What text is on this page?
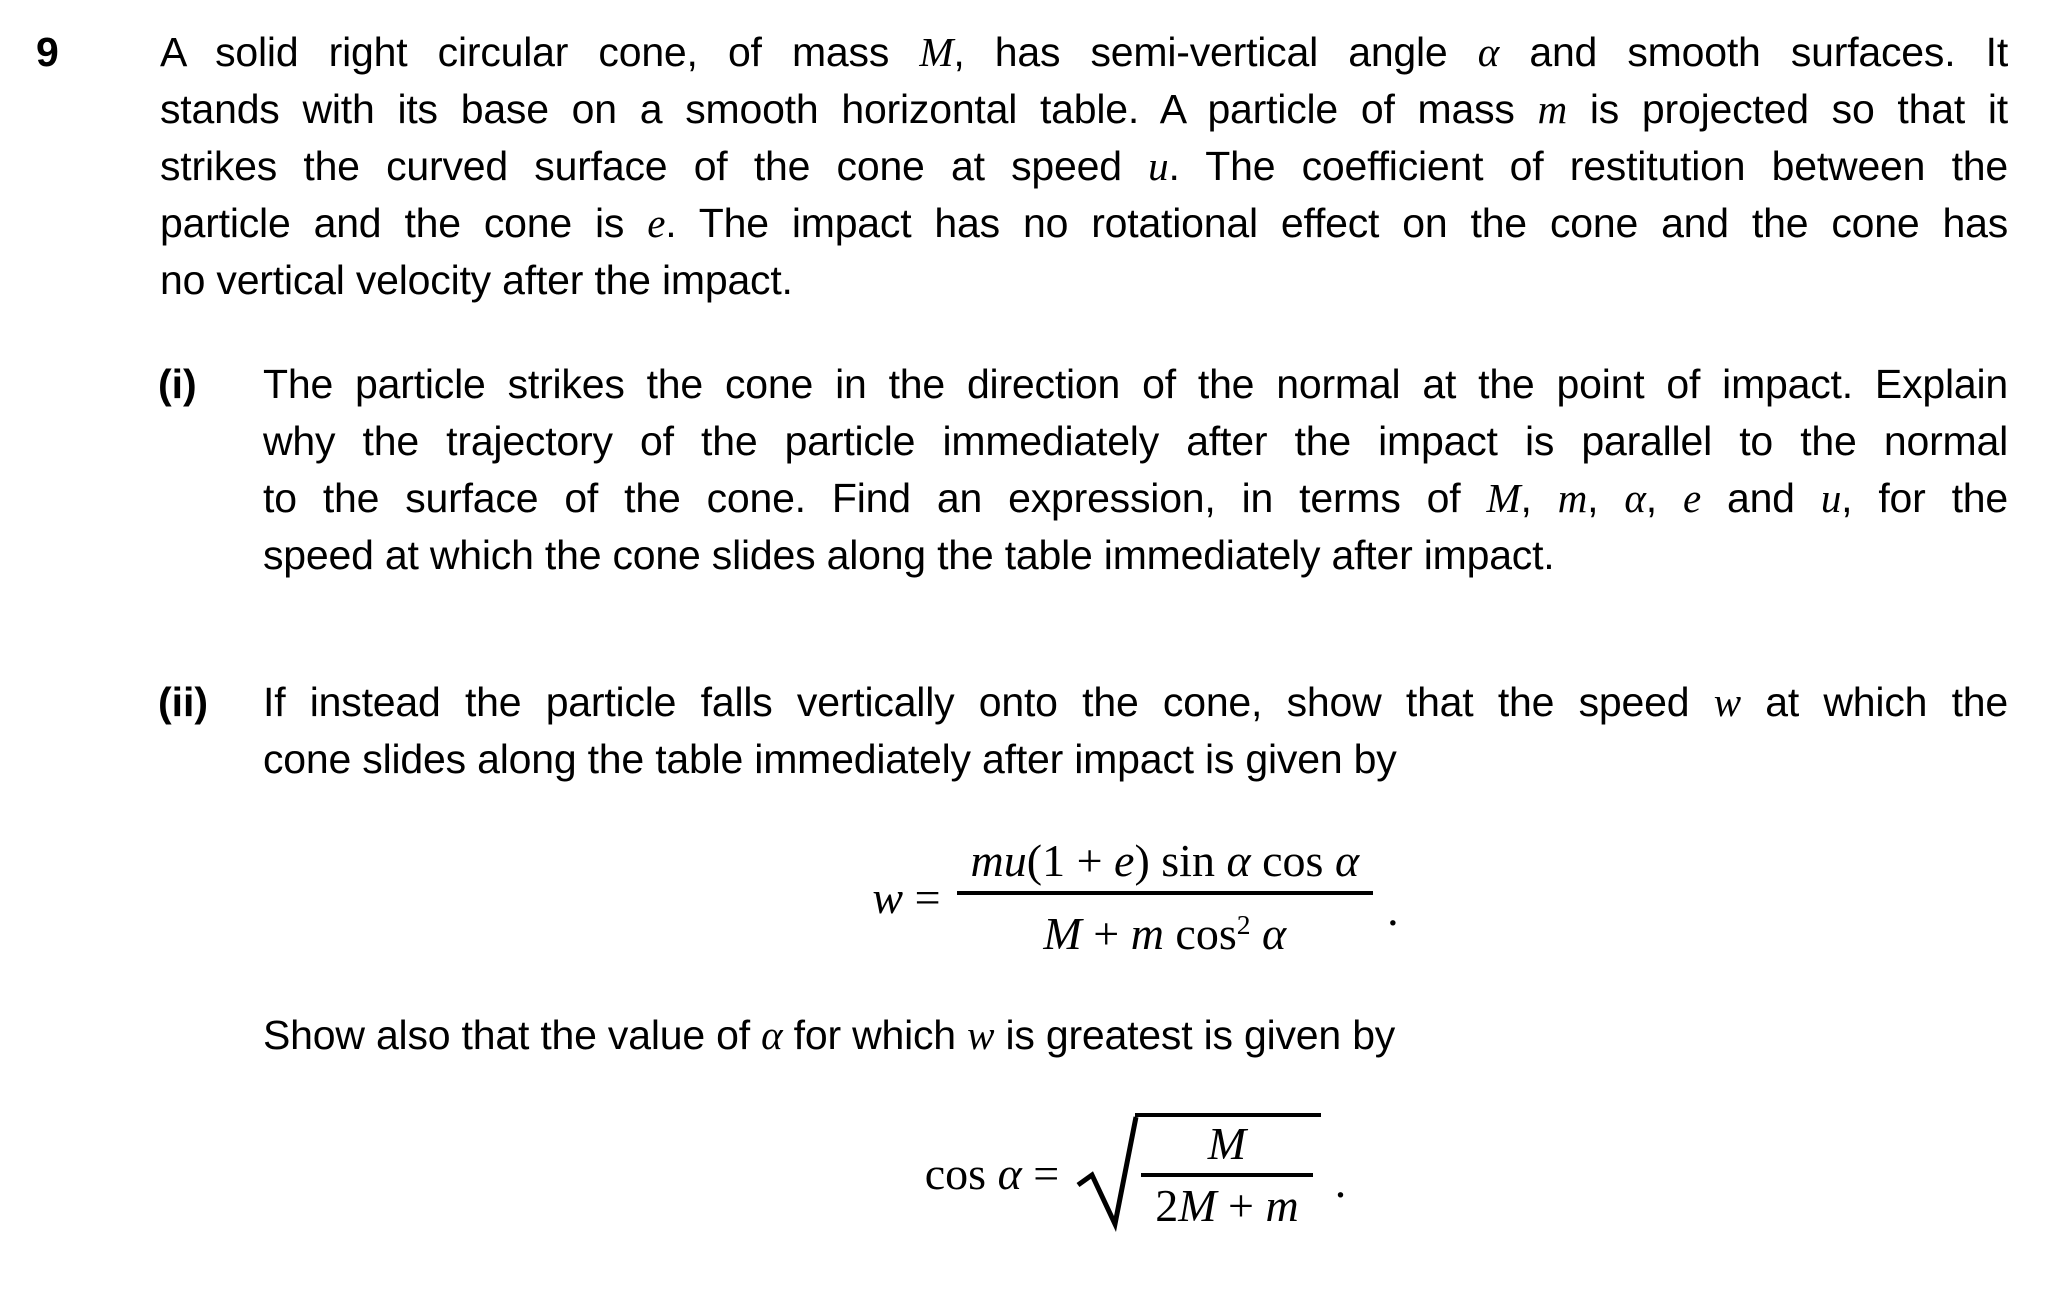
9 A solid right circular cone, of mass M, has semi-vertical angle α and smooth surfaces. It
stands with its base on a smooth horizontal table. A particle of mass m is projected so that it
strikes the curved surface of the cone at speed u. The coefficient of restitution between the
particle and the cone is e. The impact has no rotational effect on the cone and the cone has
no vertical velocity after the impact.
(i) The particle strikes the cone in the direction of the normal at the point of impact. Explain
why the trajectory of the particle immediately after the impact is parallel to the normal
to the surface of the cone. Find an expression, in terms of M, m, α, e and u, for the
speed at which the cone slides along the table immediately after impact.
(ii) If instead the particle falls vertically onto the cone, show that the speed w at which the
cone slides along the table immediately after impact is given by
$w = \frac{\text{mu(1 + e) sin α cos α}}{M + m \cos^2 \alpha}$ .
Show also that the value of α for which w is greatest is given by
$\cos \alpha = \frac{M}{2M + m}$ .
